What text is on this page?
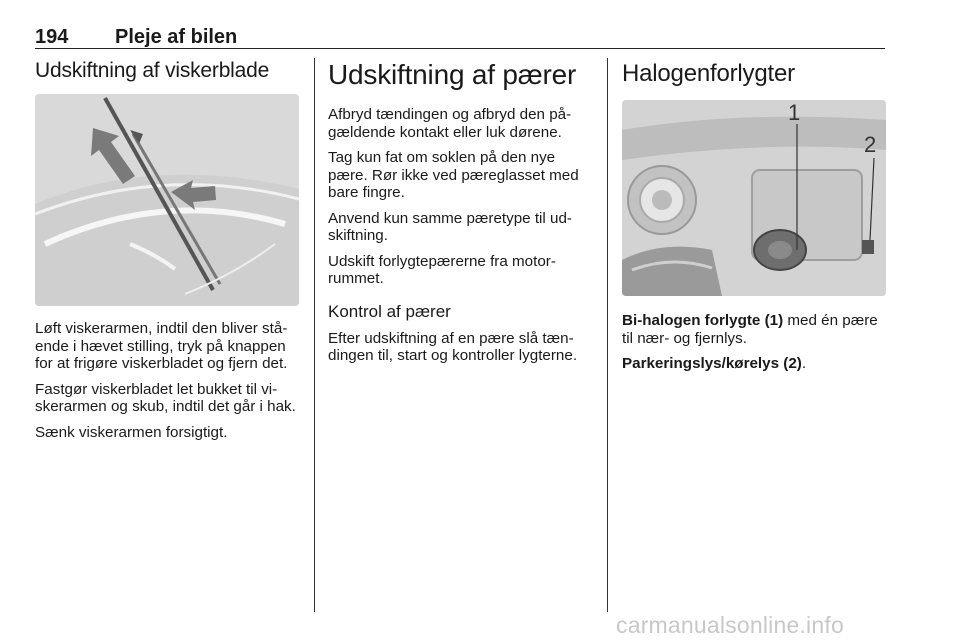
194 Pleje af bilen
Udskiftning af viskerblade

Løft viskerarmen, indtil den bliver stå- ende i hævet stilling, tryk på knappen for at frigøre viskerbladet og fjern det.

Fastgør viskerbladet let bukket til vi- skerarmen og skub, indtil det går i hak.

Sænk viskerarmen forsigtigt.

Udskiftning af pærer

Afbryd tændingen og afbryd den på- gældende kontakt eller luk dørene.

Tag kun fat om soklen på den nye pære. Rør ikke ved pæreglasset med bare fingre.

Anvend kun samme pæretype til ud- skiftning.

Udskift forlygtepærerne fra motor- rummet.

Kontrol af pærer

Efter udskiftning af en pære slå tæn- dingen til, start og kontroller lygterne.

Halogenforlygter
1
2

Bi-halogen forlygte (1) med én pære til nær- og fjernlys.

Parkeringslys/kørelys (2).

carmanualsonline.info
